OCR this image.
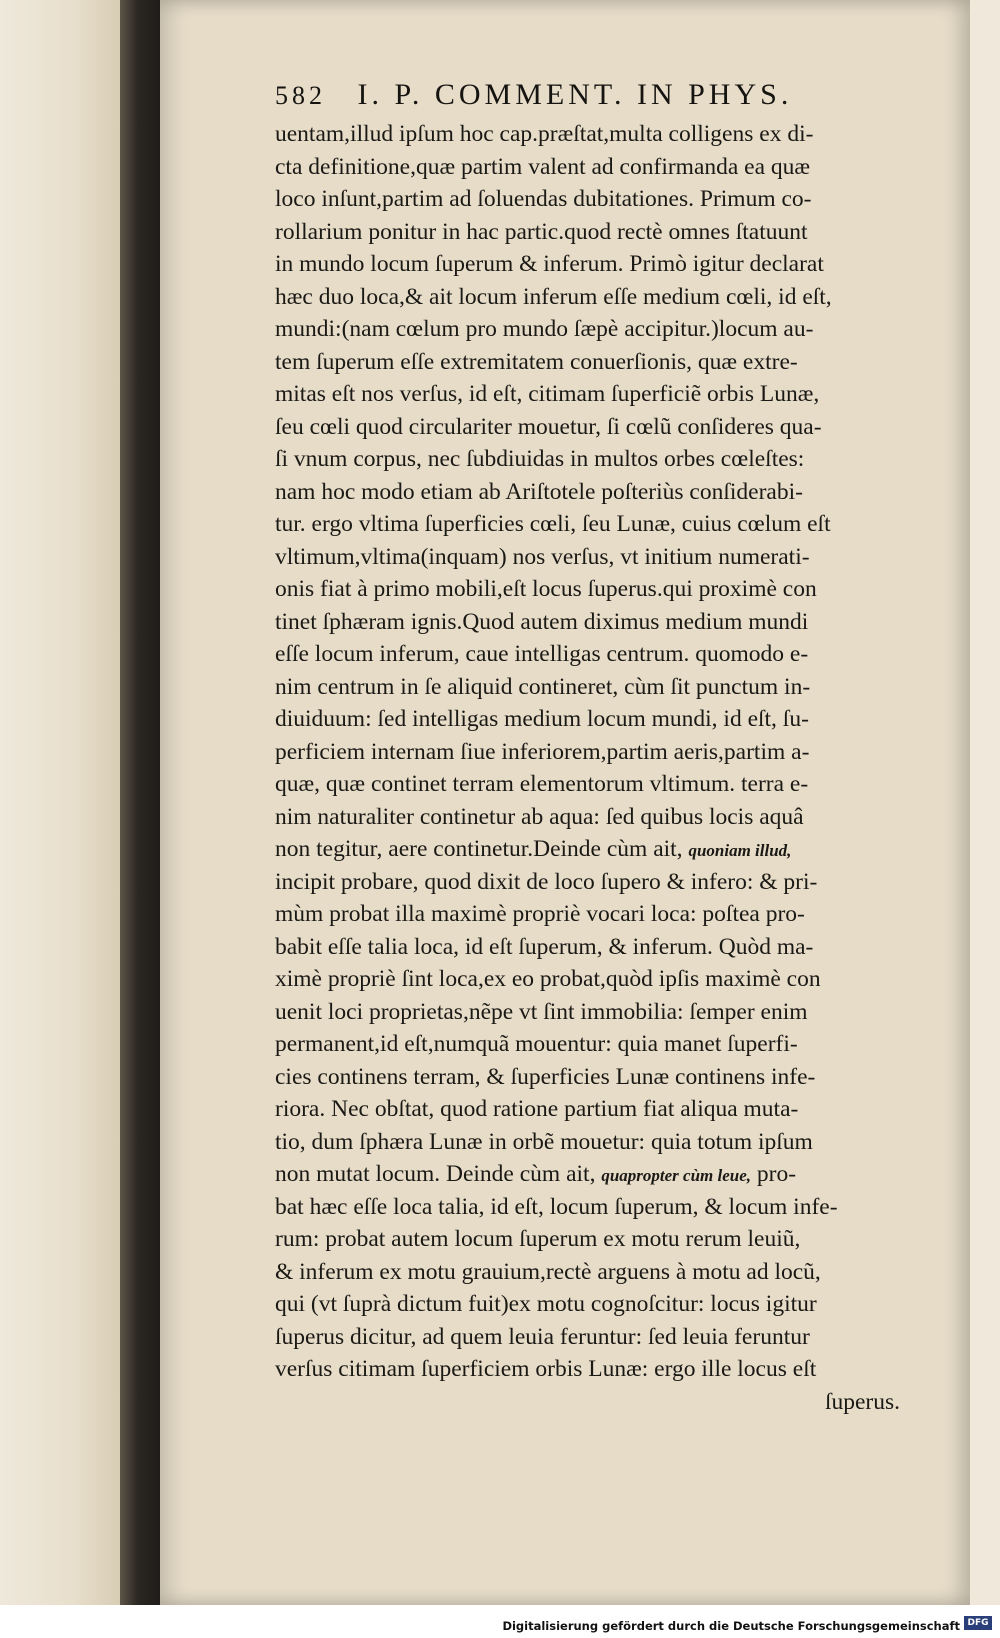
582 I. P. COMMENT. IN PHYS.
uentam,illud ipſum hoc cap.præſtat,multa colligens ex di-
cta definitione,quæ partim valent ad confirmanda ea quæ
loco inſunt,partim ad ſoluendas dubitationes. Primum co-
rollarium ponitur in hac partic.quod rectè omnes ſtatuunt
in mundo locum ſuperum & inferum. Primò igitur declarat
hæc duo loca,& ait locum inferum eſſe medium cœli, id eſt,
mundi:(nam cœlum pro mundo ſæpè accipitur.)locum au-
tem ſuperum eſſe extremitatem conuerſionis, quæ extre-
mitas eſt nos verſus, id eſt, citimam ſuperficiẽ orbis Lunæ,
ſeu cœli quod circulariter mouetur, ſi cœlũ conſideres qua-
ſi vnum corpus, nec ſubdiuidas in multos orbes cœleſtes:
nam hoc modo etiam ab Ariſtotele poſteriùs conſiderabi-
tur. ergo vltima ſuperficies cœli, ſeu Lunæ, cuius cœlum eſt
vltimum,vltima(inquam) nos verſus, vt initium numerati-
onis fiat à primo mobili,eſt locus ſuperus.qui proximè con
tinet ſphæram ignis.Quod autem diximus medium mundi
eſſe locum inferum, caue intelligas centrum. quomodo e-
nim centrum in ſe aliquid contineret, cùm ſit punctum in-
diuiduum: ſed intelligas medium locum mundi, id eſt, ſu-
perficiem internam ſiue inferiorem,partim aeris,partim a-
quæ, quæ continet terram elementorum vltimum. terra e-
nim naturaliter continetur ab aqua: ſed quibus locis aquâ
non tegitur, aere continetur.Deinde cùm ait, quoniam illud,
incipit probare, quod dixit de loco ſupero & infero: & pri-
mùm probat illa maximè propriè vocari loca: poſtea pro-
babit eſſe talia loca, id eſt ſuperum, & inferum. Quòd ma-
ximè propriè ſint loca,ex eo probat,quòd ipſis maximè con
uenit loci proprietas,nẽpe vt ſint immobilia: ſemper enim
permanent,id eſt,numquã mouentur: quia manet ſuperfi-
cies continens terram, & ſuperficies Lunæ continens infe-
riora. Nec obſtat, quod ratione partium fiat aliqua muta-
tio, dum ſphæra Lunæ in orbẽ mouetur: quia totum ipſum
non mutat locum. Deinde cùm ait, quapropter cùm leue, pro-
bat hæc eſſe loca talia, id eſt, locum ſuperum, & locum infe-
rum: probat autem locum ſuperum ex motu rerum leuiũ,
& inferum ex motu grauium,rectè arguens à motu ad locũ,
qui (vt ſuprà dictum fuit)ex motu cognoſcitur: locus igitur
ſuperus dicitur, ad quem leuia feruntur: ſed leuia feruntur
verſus citimam ſuperficiem orbis Lunæ: ergo ille locus eſt
ſuperus.
Digitalisierung gefördert durch die Deutsche Forschungsgemeinschaft DFG
